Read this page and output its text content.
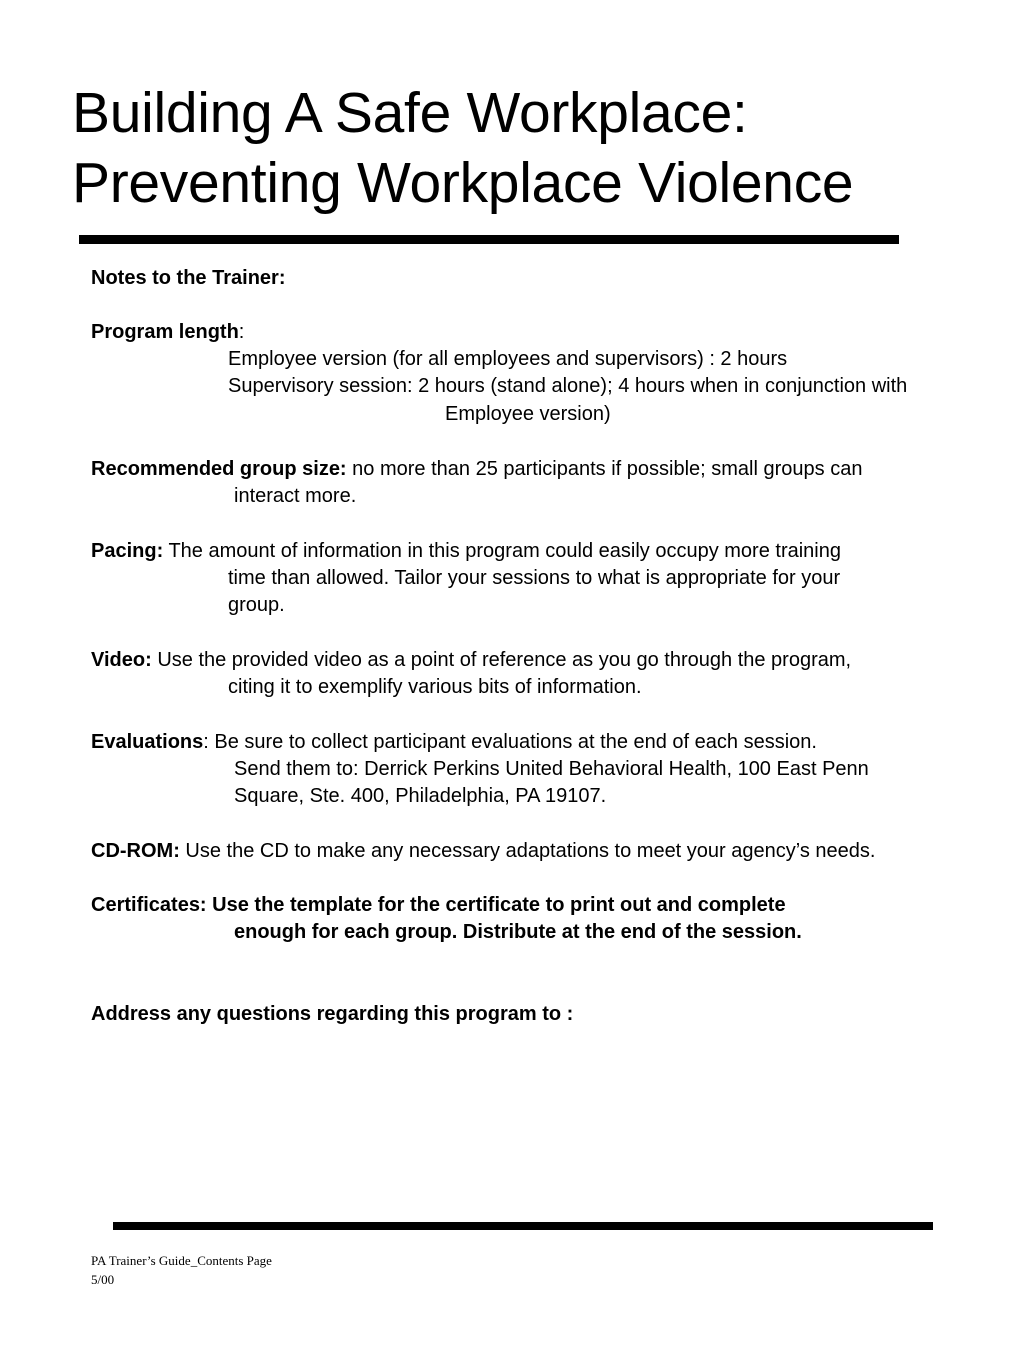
Building A Safe Workplace:
Preventing Workplace Violence
Notes to the Trainer:
Program length:
Employee version (for all employees and supervisors) : 2 hours
Supervisory session: 2 hours (stand alone); 4 hours when in conjunction with
Employee version)
Recommended group size: no more than 25 participants if possible; small groups can
interact more.
Pacing: The amount of information in this program could easily occupy more training
time than allowed. Tailor your sessions to what is appropriate for your
group.
Video: Use the provided video as a point of reference as you go through the program,
citing it to exemplify various bits of information.
Evaluations: Be sure to collect participant evaluations at the end of each session.
Send them to: Derrick Perkins United Behavioral Health, 100 East Penn
Square, Ste. 400, Philadelphia, PA 19107.
CD-ROM: Use the CD to make any necessary adaptations to meet your agency’s needs.
Certificates: Use the template for the certificate to print out and complete
enough for each group. Distribute at the end of the session.
Address any questions regarding this program to :
PA Trainer’s Guide_Contents Page
5/00
